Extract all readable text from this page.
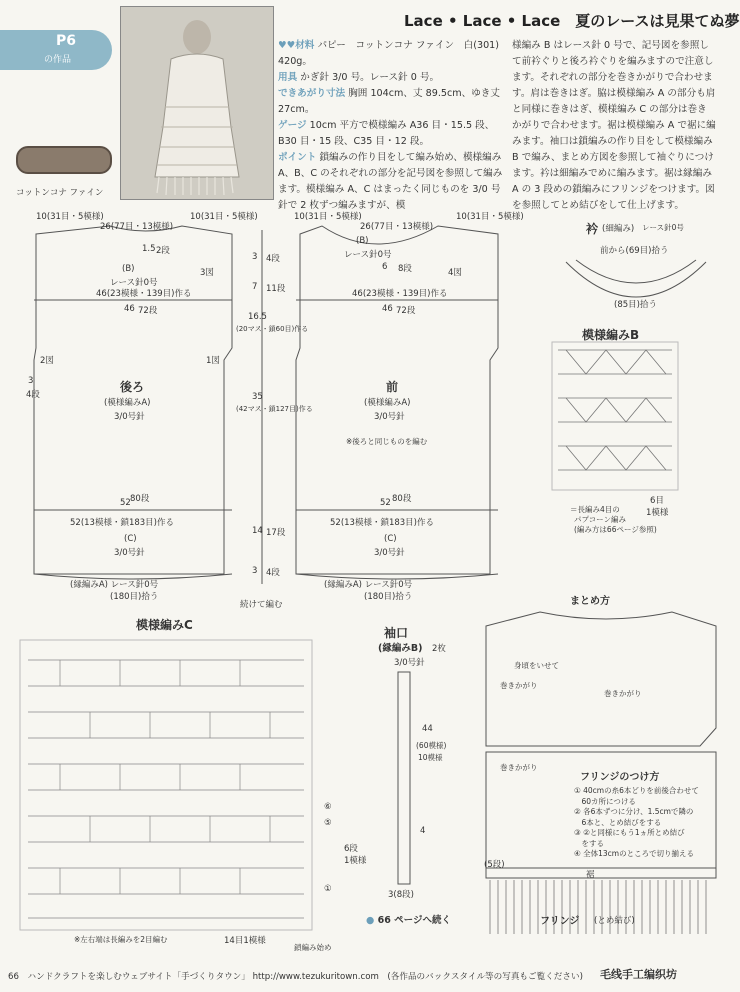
P6
の作品
コットンコナ ファイン
Lace • Lace • Lace　夏のレースは見果てぬ夢
♥♥材料 パピー　コットンコナ ファイン　白(301) 420g。
用具 かぎ針 3/0 号。レース針 0 号。
できあがり寸法 胸囲 104cm、丈 89.5cm、ゆき丈 27cm。
ゲージ 10cm 平方で模様編み A36 目・15.5 段、B30 目・15 段、C35 目・12 段。
ポイント 鎖編みの作り目をして編み始め、模様編み A、B、C のそれぞれの部分を記号図を参照して編みます。模様編み A、C はまったく同じものを 3/0 号針で 2 枚ずつ編みますが、模
様編み B はレース針 0 号で、記号図を参照して前衿ぐりと後ろ衿ぐりを編みますので注意します。それぞれの部分を巻きかがりで合わせます。肩は巻きはぎ。脇は模様編み A の部分も肩と同様に巻きはぎ、模様編み C の部分は巻きかがりで合わせます。裾は模様編み A で裾に編みます。袖口は鎖編みの作り目をして模様編み B で編み、まとめ方図を参照して袖ぐりにつけます。衿は細編みでめに編みます。裾は縁編み A の 3 段めの鎖編みにフリンジをつけます。図を参照してとめ結びをして仕上げます。
10(31目・5模様)
26(77目・13模様)
10(31目・5模様)
1.5 2段
(B)
レース針0号
46(23模様・139目)作る
3図
46 72段
2図	1図
3
4段
後ろ
(模様編みA)
3/0号針
80段
52
52(13模様・鎖183目)作る
(C)
3/0号針
(縁編みA) レース針0号
(180目)拾う
3 4段
7 11段
16.5
(20マス・鎖60目)作る
35
(42マス・鎖127目)作る
14 17段
3 4段
続けて編む
10(31目・5模様)
26(77目・13模様)
10(31目・5模様)
(B)
レース針0号
6 8段	4図
46(23模様・139目)作る
46 72段
前
(模様編みA)
3/0号針
※後ろと同じものを編む
80段
52
52(13模様・鎖183目)作る
(C)
3/0号針
(縁編みA) レース針0号
(180目)拾う
衿 (細編み) レース針0号
前から(69目)拾う
(85目)拾う
模様編みB
＝長編み4目の
パプコーン編み
(編み方は66ページ参照)
6目
1模様
まとめ方
身頃をいせて
巻きかがり
巻きかがり
巻きかがり
フリンジのつけ方
① 40cmの糸6本どりを前後合わせて
　60カ所につける
② 各6本ずつに分け、1.5cmで隣の
　6本と、とめ結びをする
③ ②と同様にもう1ヵ所とめ結び
　をする
④ 全体13cmのところで切り揃える
(5段)
裾
フリンジ (とめ結び)
模様編みC
⑥
⑤
①
6段
1模様
※左右端は長編みを2目編む	14目1模様
鎖編み始め
袖口
(縁編みB) 2枚
3/0号針
44
(60模様)
10模様
4
3(8段)
● 66 ページへ続く
66　ハンドクラフトを楽しむウェブサイト「手づくりタウン」 http://www.tezukuritown.com　(各作品のバックスタイル等の写真もご覧ください) 毛线手工编织坊
